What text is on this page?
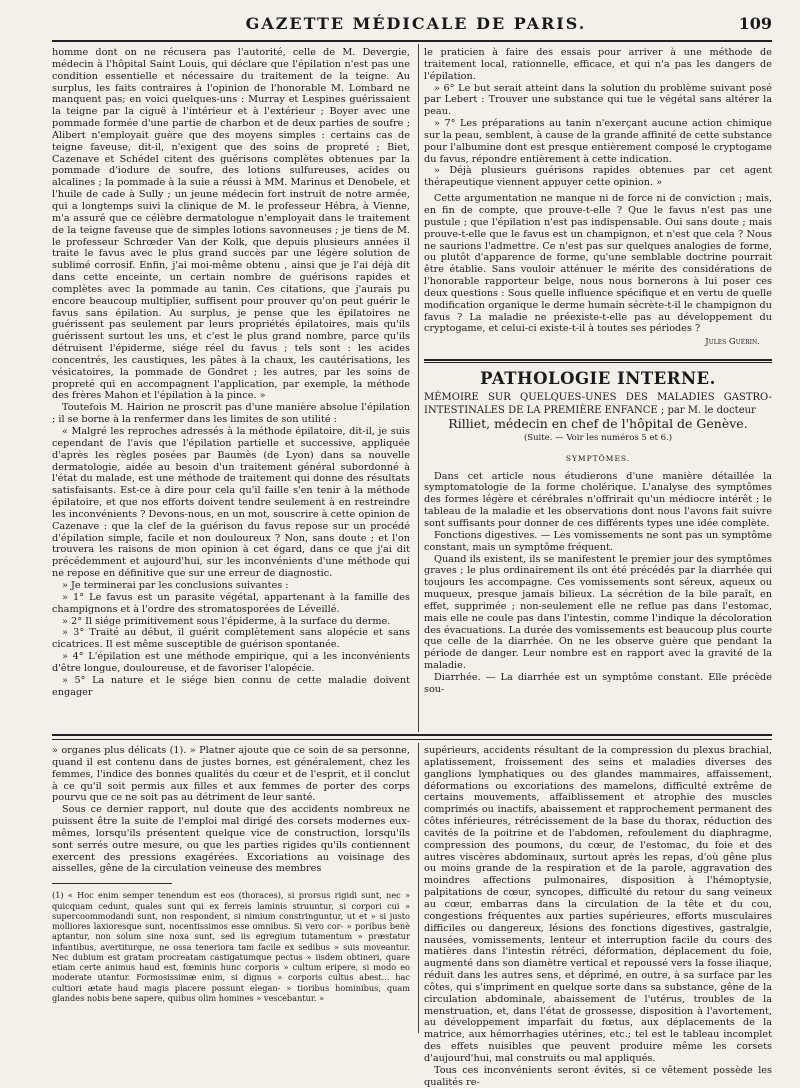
GAZETTE MÉDICALE DE PARIS.	109

homme dont on ne récusera pas l'autorité, celle de M. Devergie, médecin à l'hôpital Saint Louis, qui déclare que l'épilation n'est pas une condition essentielle et nécessaire du traitement de la teigne. Au surplus, les faits contraires à l'opinion de l'honorable M. Lombard ne manquent pas; en voici quelques-uns : Murray et Lespines guérissaient la teigne par la ciguë à l'intérieur et à l'extérieur ; Boyer avec une pommade formée d'une partie de charbon et de deux parties de soufre ; Alibert n'employait guère que des moyens simples : certains cas de teigne faveuse, dit-il, n'exigent que des soins de propreté ; Biet, Cazenave et Schédel citent des guérisons complètes obtenues par la pommade d'iodure de soufre, des lotions sulfureuses, acides ou alcalines ; la pommade à la suie a réussi à MM. Marinus et Denobele, et l'huile de cade à Sully ; un jeune médecin fort instruit de notre armée, qui a longtemps suivi la clinique de M. le professeur Hébra, à Vienne, m'a assuré que ce célèbre dermatologue n'employait dans le traitement de la teigne faveuse que de simples lotions savonneuses ; je tiens de M. le professeur Schrœder Van der Kolk, que depuis plusieurs années il traite le favus avec le plus grand succès par une légère solution de sublimé corrosif. Enfin, j'ai moi-même obtenu , ainsi que je l'ai déjà dit dans cette enceinte, un certain nombre de guérisons rapides et complètes avec la pommade au tanin. Ces citations, que j'aurais pu encore beaucoup multiplier, suffisent pour prouver qu'on peut guérir le favus sans épilation. Au surplus, je pense que les épilatoires ne guérissent pas seulement par leurs propriétés épilatoires, mais qu'ils guérissent surtout les uns, et c'est le plus grand nombre, parce qu'ils détruisent l'épiderme, siége réel du favus ; tels sont : les acides concentrés, les caustiques, les pâtes à la chaux, les cautérisations, les vésicatoires, la pommade de Gondret ; les autres, par les soins de propreté qui en accompagnent l'application, par exemple, la méthode des frères Mahon et l'épilation à la pince. »

Toutefois M. Hairion ne proscrit pas d'une manière absolue l'épilation ; il se borne à la renfermer dans les limites de son utilité :

« Malgré les reproches adressés à la méthode épilatoire, dit-il, je suis cependant de l'avis que l'épilation partielle et successive, appliquée d'après les règles posées par Baumès (de Lyon) dans sa nouvelle dermatologie, aidée au besoin d'un traitement général subordonné à l'état du malade, est une méthode de traitement qui donne des résultats satisfaisants. Est-ce à dire pour cela qu'il faille s'en tenir à la méthode épilatoire, et que nos efforts doivent tendre seulement à en restreindre les inconvénients ? Devons-nous, en un mot, souscrire à cette opinion de Cazenave : que la clef de la guérison du favus repose sur un procédé d'épilation simple, facile et non douloureux ? Non, sans doute ; et l'on trouvera les raisons de mon opinion à cet égard, dans ce que j'ai dit précédemment et aujourd'hui, sur les inconvénients d'une méthode qui ne repose en définitive que sur une erreur de diagnostic.

» Je terminerai par les conclusions suivantes :

» 1° Le favus est un parasite végétal, appartenant à la famille des champignons et à l'ordre des stromatosporées de Léveillé.

» 2° Il siége primitivement sous l'épiderme, à la surface du derme.

» 3° Traité au début, il guérit complètement sans alopécie et sans cicatrices. Il est même susceptible de guérison spontanée.

» 4° L'épilation est une méthode empirique, qui a les inconvénients d'être longue, douloureuse, et de favoriser l'alopécie.

» 5° La nature et le siége bien connu de cette maladie doivent engager

le praticien à faire des essais pour arriver à une méthode de traitement local, rationnelle, efficace, et qui n'a pas les dangers de l'épilation.

» 6° Le but serait atteint dans la solution du problème suivant posé par Lebert : Trouver une substance qui tue le végétal sans altérer la peau.

» 7° Les préparations au tanin n'exerçant aucune action chimique sur la peau, semblent, à cause de la grande affinité de cette substance pour l'albumine dont est presque entièrement composé le cryptogame du favus, répondre entièrement à cette indication.

» Déjà plusieurs guérisons rapides obtenues par cet agent thérapeutique viennent appuyer cette opinion. »

Cette argumentation ne manque ni de force ni de conviction ; mais, en fin de compte, que prouve-t-elle ? Que le favus n'est pas une pustule ; que l'épilation n'est pas indispensable. Oui sans doute ; mais prouve-t-elle que le favus est un champignon, et n'est que cela ? Nous ne saurions l'admettre. Ce n'est pas sur quelques analogies de forme, ou plutôt d'apparence de forme, qu'une semblable doctrine pourrait être établie. Sans vouloir atténuer le mérite des considérations de l'honorable rapporteur belge, nous nous bornerons à lui poser ces deux questions : Sous quelle influence spécifique et en vertu de quelle modification organique le derme humain sécrète-t-il le champignon du favus ? La maladie ne préexiste-t-elle pas au développement du cryptogame, et celui-ci existe-t-il à toutes ses périodes ?

Jules Guérin.

PATHOLOGIE INTERNE.

MÉMOIRE SUR QUELQUES-UNES DES MALADIES GASTRO-INTESTINALES DE LA PREMIÈRE ENFANCE ; par M. le docteur

Rilliet, médecin en chef de l'hôpital de Genève.

(Suite. — Voir les numéros 5 et 6.)

SYMPTÔMES.

Dans cet article nous étudierons d'une manière détaillée la symptomatologie de la forme cholérique. L'analyse des symptômes des formes légère et cérébrales n'offrirait qu'un médiocre intérêt ; le tableau de la maladie et les observations dont nous l'avons fait suivre sont suffisants pour donner de ces différents types une idée complète.

Fonctions digestives. — Les vomissements ne sont pas un symptôme constant, mais un symptôme fréquent.

Quand ils existent, ils se manifestent le premier jour des symptômes graves ; le plus ordinairement ils ont été précédés par la diarrhée qui toujours les accompagne. Ces vomissements sont séreux, aqueux ou muqueux, presque jamais bilieux. La sécrétion de la bile paraît, en effet, supprimée ; non-seulement elle ne reflue pas dans l'estomac, mais elle ne coule pas dans l'intestin, comme l'indique la décoloration des évacuations. La durée des vomissements est beaucoup plus courte que celle de la diarrhée. On ne les observe guère que pendant la période de danger. Leur nombre est en rapport avec la gravité de la maladie.

Diarrhée. — La diarrhée est un symptôme constant. Elle précède sou-

» organes plus délicats (1). » Platner ajoute que ce soin de sa personne, quand il est contenu dans de justes bornes, est généralement, chez les femmes, l'indice des bonnes qualités du cœur et de l'esprit, et il conclut à ce qu'il soit permis aux filles et aux femmes de porter des corps pourvu que ce ne soit pas au détriment de leur santé.

Sous ce dernier rapport, nul doute que des accidents nombreux ne puissent être la suite de l'emploi mal dirigé des corsets modernes eux-mêmes, lorsqu'ils présentent quelque vice de construction, lorsqu'ils sont serrés outre mesure, ou que les parties rigides qu'ils contiennent exercent des pressions exagérées. Excoriations au voisinage des aisselles, gêne de la circulation veineuse des membres

(1) « Hoc enim semper tenendum est eos (thoraces), si prorsus rigidi sunt, nec » quicquam cedunt, quales sunt qui ex ferreis laminis struuntur, si corpori cui » supercoommodandi sunt, non respondent, si nimium constringuntur, ut et » si justo molliores laxioresque sunt, nocentissimos esse omnibus. Si vero cor- » poribus benè aptantur, non solum sine noxa sunt, sed iis egregium tutamentum » præstatur infantibus, avertiturque, ne ossa teneriora tam facile ex sedibus » suis moveantur. Nec dubium est gratam procreatam castigatumque pectus » iisdem obtineri, quare etiam certe animus haud est, fœminis hunc corporis » cultum eripere, si modo eo moderate utantur. Formosissimæ enim, si dignus » corporis cultus abest... hac cultiori ætate haud magis placere possunt elegan- » tioribus hominibus, quam glandes nobis bene sapere, quibus olim homines » vescebantur. »

supérieurs, accidents résultant de la compression du plexus brachial, aplatissement, froissement des seins et maladies diverses des ganglions lymphatiques ou des glandes mammaires, affaissement, déformations ou excoriations des mamelons, difficulté extrême de certains mouvements, affaiblissement et atrophie des muscles comprimés ou inactifs, abaissement et rapprochement permanent des côtes inférieures, rétrécissement de la base du thorax, réduction des cavités de la poitrine et de l'abdomen, refoulement du diaphragme, compression des poumons, du cœur, de l'estomac, du foie et des autres viscères abdominaux, surtout après les repas, d'où gêne plus ou moins grande de la respiration et de la parole, aggravation des moindres affections pulmonaires, disposition à l'hémoptysie, palpitations de cœur, syncopes, difficulté du retour du sang veineux au cœur, embarras dans la circulation de la tête et du cou, congestions fréquentes aux parties supérieures, efforts musculaires difficiles ou dangereux, lésions des fonctions digestives, gastralgie, nausées, vomissements, lenteur et interruption facile du cours des matières dans l'intestin rétréci, déformation, déplacement du foie, augmenté dans son diamètre vertical et repoussé vers la fosse iliaque, réduit dans les autres sens, et déprimé, en outre, à sa surface par les côtes, qui s'impriment en quelque sorte dans sa substance, gêne de la circulation abdominale, abaissement de l'utérus, troubles de la menstruation, et, dans l'état de grossesse, disposition à l'avortement, au développement imparfait du fœtus, aux déplacements de la matrice, aux hémorrhagies utérines, etc.; tel est le tableau incomplet des effets nuisibles que peuvent produire même les corsets d'aujourd'hui, mal construits ou mal appliqués.

Tous ces inconvénients seront évités, si ce vêtement possède les qualités re-
